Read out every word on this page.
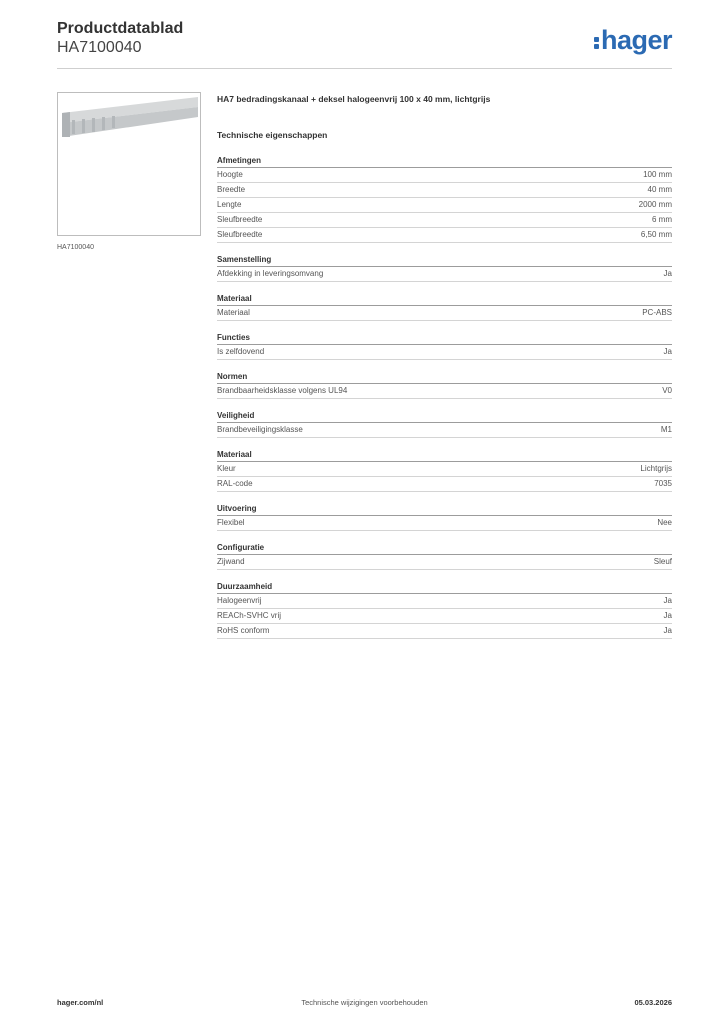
Productdatablad
HA7100040	hager
HA7100040
HA7 bedradingskanaal + deksel halogeenvrij 100 x 40 mm, lichtgrijs
Technische eigenschappen
Afmetingen
Hoogte	100 mm
Breedte	40 mm
Lengte	2000 mm
Sleufbreedte	6 mm
Sleufbreedte	6,50 mm
Samenstelling
Afdekking in leveringsomvang	Ja
Materiaal
Materiaal	PC-ABS
Functies
Is zelfdovend	Ja
Normen
Brandbaarheidsklasse volgens UL94	V0
Veiligheid
Brandbeveiligingsklasse	M1
Materiaal
Kleur	Lichtgrijs
RAL-code	7035
Uitvoering
Flexibel	Nee
Configuratie
Zijwand	Sleuf
Duurzaamheid
Halogeenvrij	Ja
REACh-SVHC vrij	Ja
RoHS conform	Ja
hager.com/nl	Technische wijzigingen voorbehouden	05.03.2026
